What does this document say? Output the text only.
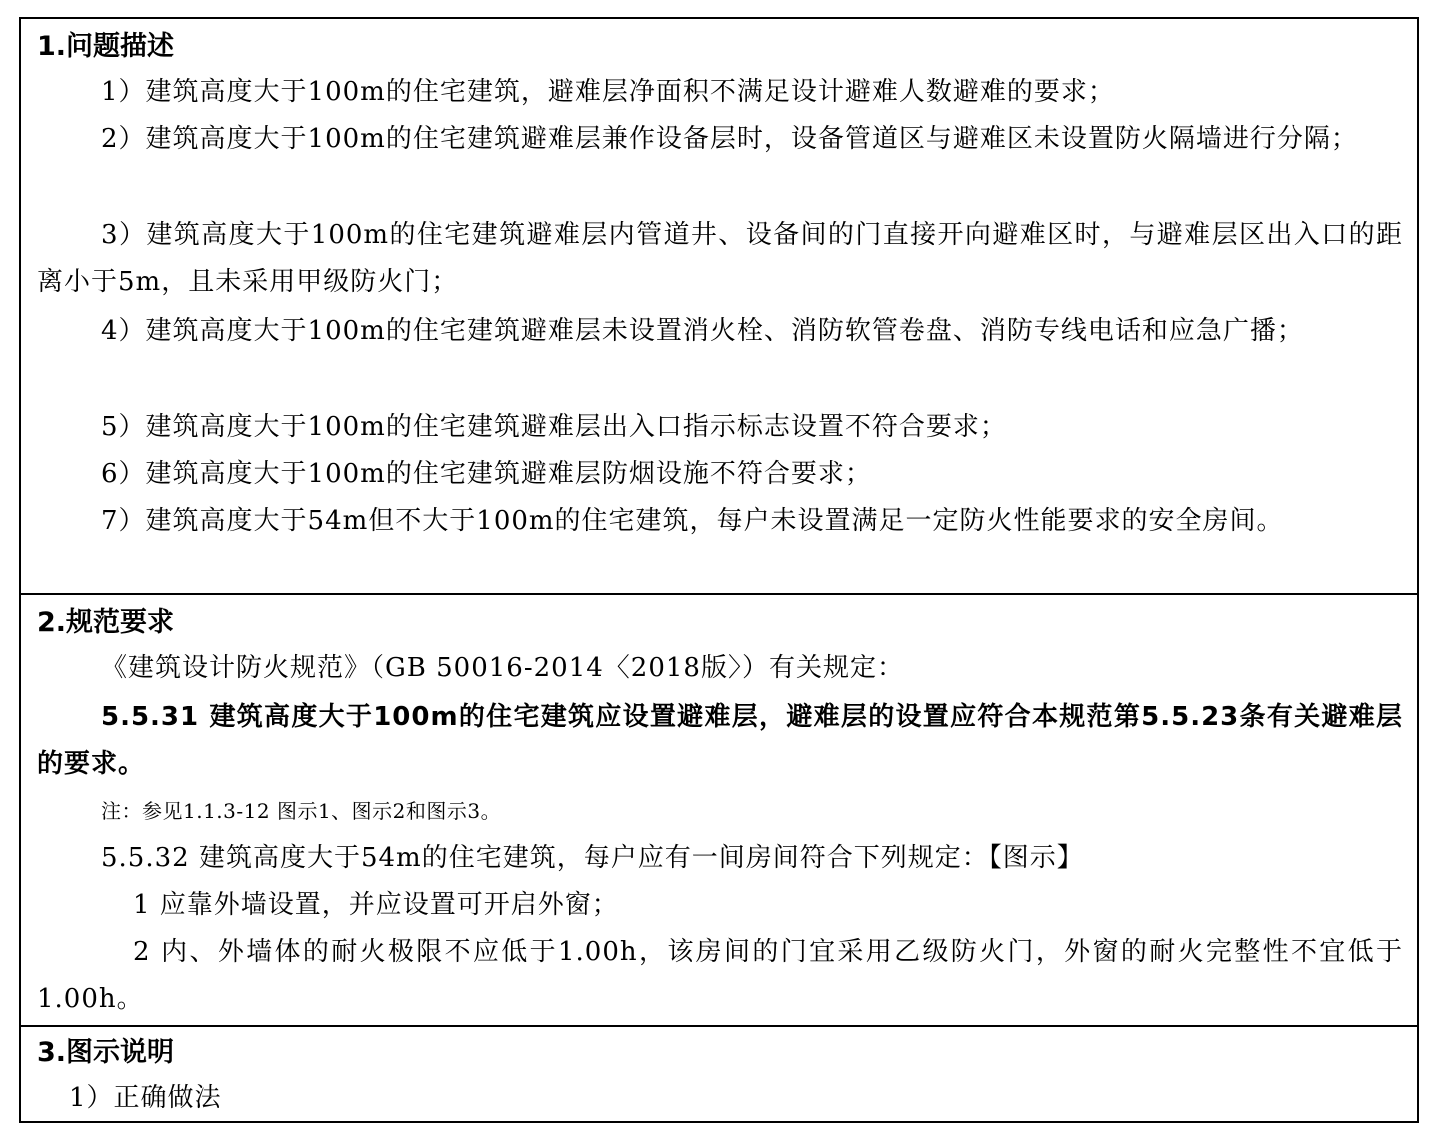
1.问题描述
1）建筑高度大于100m的住宅建筑，避难层净面积不满足设计避难人数避难的要求；
2）建筑高度大于100m的住宅建筑避难层兼作设备层时，设备管道区与避难区未设置防火隔墙进行分隔；
3）建筑高度大于100m的住宅建筑避难层内管道井、设备间的门直接开向避难区时，与避难层区出入口的距离小于5m，且未采用甲级防火门；
4）建筑高度大于100m的住宅建筑避难层未设置消火栓、消防软管卷盘、消防专线电话和应急广播；
5）建筑高度大于100m的住宅建筑避难层出入口指示标志设置不符合要求；
6）建筑高度大于100m的住宅建筑避难层防烟设施不符合要求；
7）建筑高度大于54m但不大于100m的住宅建筑，每户未设置满足一定防火性能要求的安全房间。
2.规范要求
《建筑设计防火规范》（GB 50016-2014〈2018版〉）有关规定：
5.5.31 建筑高度大于100m的住宅建筑应设置避难层，避难层的设置应符合本规范第5.5.23条有关避难层的要求。
注：参见1.1.3-12 图示1、图示2和图示3。
5.5.32 建筑高度大于54m的住宅建筑，每户应有一间房间符合下列规定：【图示】
1 应靠外墙设置，并应设置可开启外窗；
2 内、外墙体的耐火极限不应低于1.00h，该房间的门宜采用乙级防火门，外窗的耐火完整性不宜低于1.00h。
3.图示说明
1）正确做法
